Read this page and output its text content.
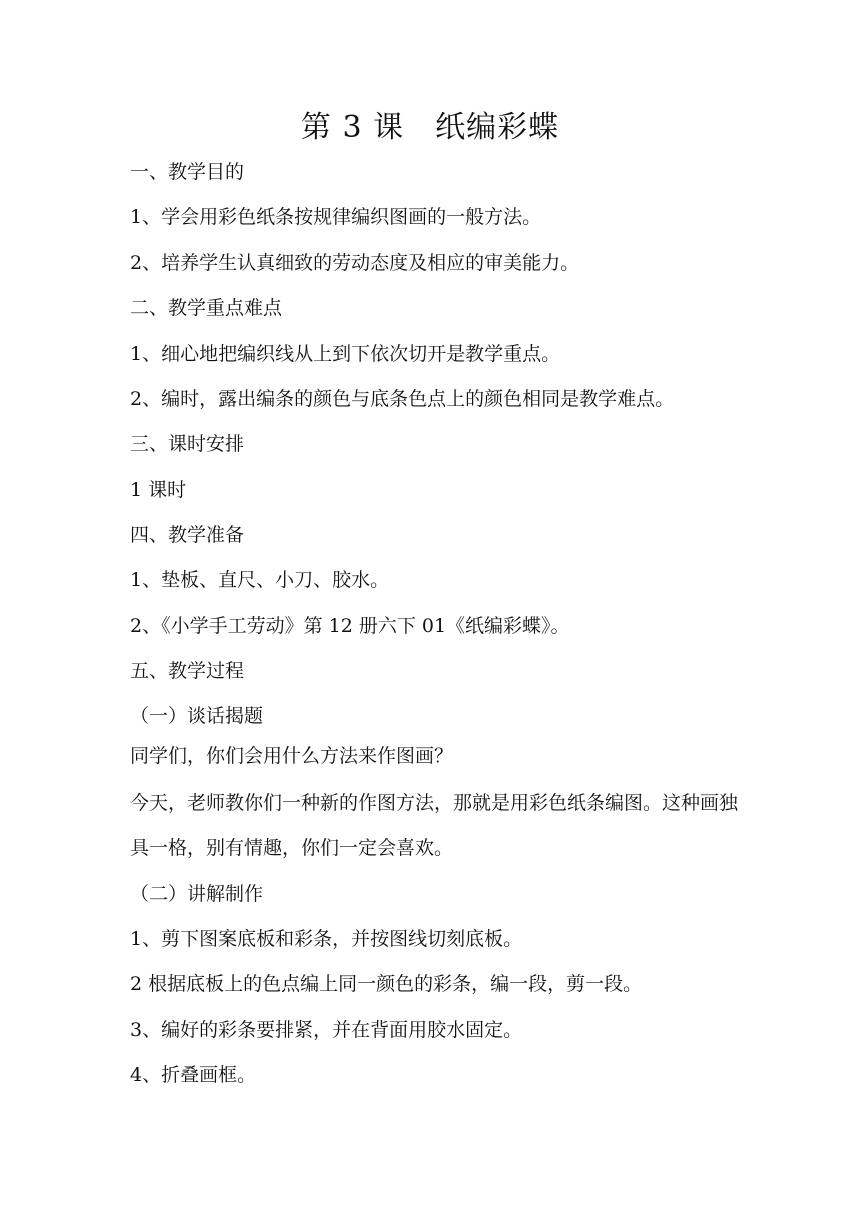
第 3 课　纸编彩蝶
一、教学目的
1、学会用彩色纸条按规律编织图画的一般方法。
2、培养学生认真细致的劳动态度及相应的审美能力。
二、教学重点难点
1、细心地把编织线从上到下依次切开是教学重点。
2、编时，露出编条的颜色与底条色点上的颜色相同是教学难点。
三、课时安排
1 课时
四、教学准备
1、垫板、直尺、小刀、胶水。
2、《小学手工劳动》第 12 册六下 01《纸编彩蝶》。
五、教学过程
（一）谈话揭题
同学们，你们会用什么方法来作图画？
今天，老师教你们一种新的作图方法，那就是用彩色纸条编图。这种画独具一格，别有情趣，你们一定会喜欢。
（二）讲解制作
1、剪下图案底板和彩条，并按图线切刻底板。
2 根据底板上的色点编上同一颜色的彩条，编一段，剪一段。
3、编好的彩条要排紧，并在背面用胶水固定。
4、折叠画框。
